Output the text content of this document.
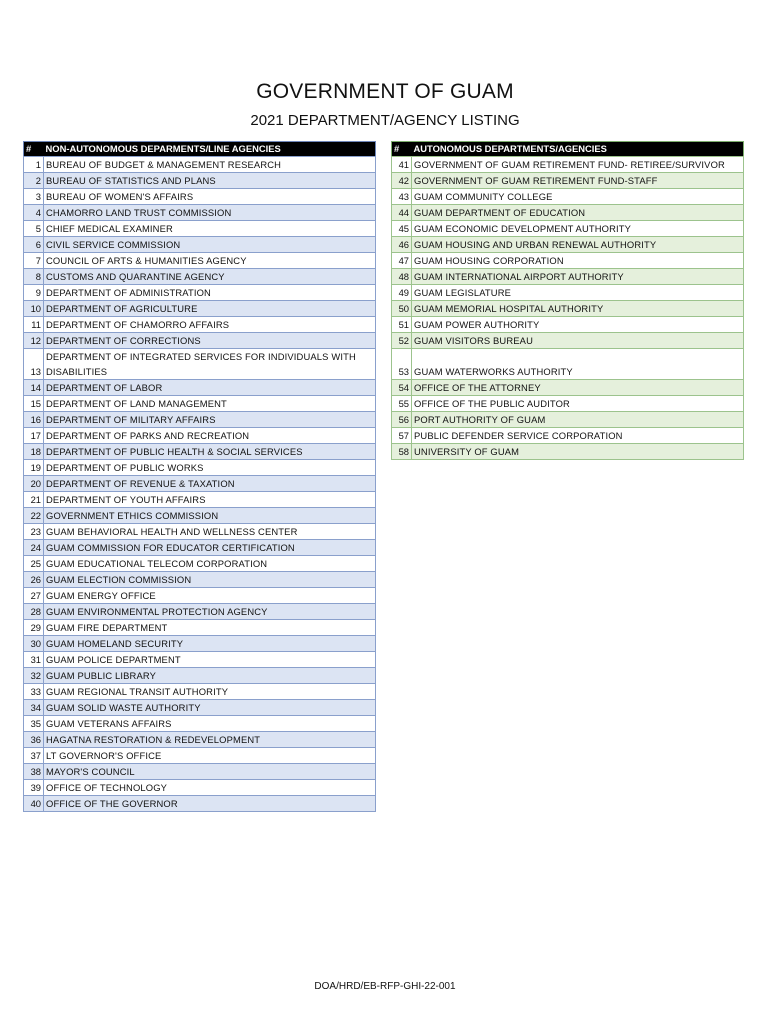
GOVERNMENT OF GUAM
2021 DEPARTMENT/AGENCY LISTING
#	NON-AUTONOMOUS DEPARMENTS/LINE AGENCIES
1	BUREAU OF BUDGET & MANAGEMENT RESEARCH
2	BUREAU OF STATISTICS AND PLANS
3	BUREAU OF WOMEN'S AFFAIRS
4	CHAMORRO LAND TRUST COMMISSION
5	CHIEF MEDICAL EXAMINER
6	CIVIL SERVICE COMMISSION
7	COUNCIL OF ARTS & HUMANITIES AGENCY
8	CUSTOMS AND QUARANTINE AGENCY
9	DEPARTMENT OF ADMINISTRATION
10	DEPARTMENT OF AGRICULTURE
11	DEPARTMENT OF CHAMORRO AFFAIRS
12	DEPARTMENT OF CORRECTIONS
13	DEPARTMENT OF INTEGRATED SERVICES FOR INDIVIDUALS WITH DISABILITIES
14	DEPARTMENT OF LABOR
15	DEPARTMENT OF LAND MANAGEMENT
16	DEPARTMENT OF MILITARY AFFAIRS
17	DEPARTMENT OF PARKS AND RECREATION
18	DEPARTMENT OF PUBLIC HEALTH & SOCIAL SERVICES
19	DEPARTMENT OF PUBLIC WORKS
20	DEPARTMENT OF REVENUE & TAXATION
21	DEPARTMENT OF YOUTH AFFAIRS
22	GOVERNMENT ETHICS COMMISSION
23	GUAM BEHAVIORAL HEALTH AND WELLNESS CENTER
24	GUAM COMMISSION FOR EDUCATOR CERTIFICATION
25	GUAM EDUCATIONAL TELECOM CORPORATION
26	GUAM ELECTION COMMISSION
27	GUAM ENERGY OFFICE
28	GUAM ENVIRONMENTAL PROTECTION AGENCY
29	GUAM FIRE DEPARTMENT
30	GUAM HOMELAND SECURITY
31	GUAM POLICE DEPARTMENT
32	GUAM PUBLIC LIBRARY
33	GUAM REGIONAL TRANSIT AUTHORITY
34	GUAM SOLID WASTE AUTHORITY
35	GUAM VETERANS AFFAIRS
36	HAGATNA RESTORATION & REDEVELOPMENT
37	LT GOVERNOR'S OFFICE
38	MAYOR'S COUNCIL
39	OFFICE OF TECHNOLOGY
40	OFFICE OF THE GOVERNOR
#	AUTONOMOUS DEPARTMENTS/AGENCIES
41	GOVERNMENT OF GUAM RETIREMENT FUND- RETIREE/SURVIVOR
42	GOVERNMENT OF GUAM RETIREMENT FUND-STAFF
43	GUAM COMMUNITY COLLEGE
44	GUAM DEPARTMENT OF EDUCATION
45	GUAM ECONOMIC DEVELOPMENT AUTHORITY
46	GUAM HOUSING AND URBAN RENEWAL AUTHORITY
47	GUAM HOUSING CORPORATION
48	GUAM INTERNATIONAL AIRPORT AUTHORITY
49	GUAM LEGISLATURE
50	GUAM MEMORIAL HOSPITAL AUTHORITY
51	GUAM POWER AUTHORITY
52	GUAM VISITORS BUREAU
53	GUAM WATERWORKS AUTHORITY
54	OFFICE OF THE ATTORNEY
55	OFFICE OF THE PUBLIC AUDITOR
56	PORT AUTHORITY OF GUAM
57	PUBLIC DEFENDER SERVICE CORPORATION
58	UNIVERSITY OF GUAM
DOA/HRD/EB-RFP-GHI-22-001
